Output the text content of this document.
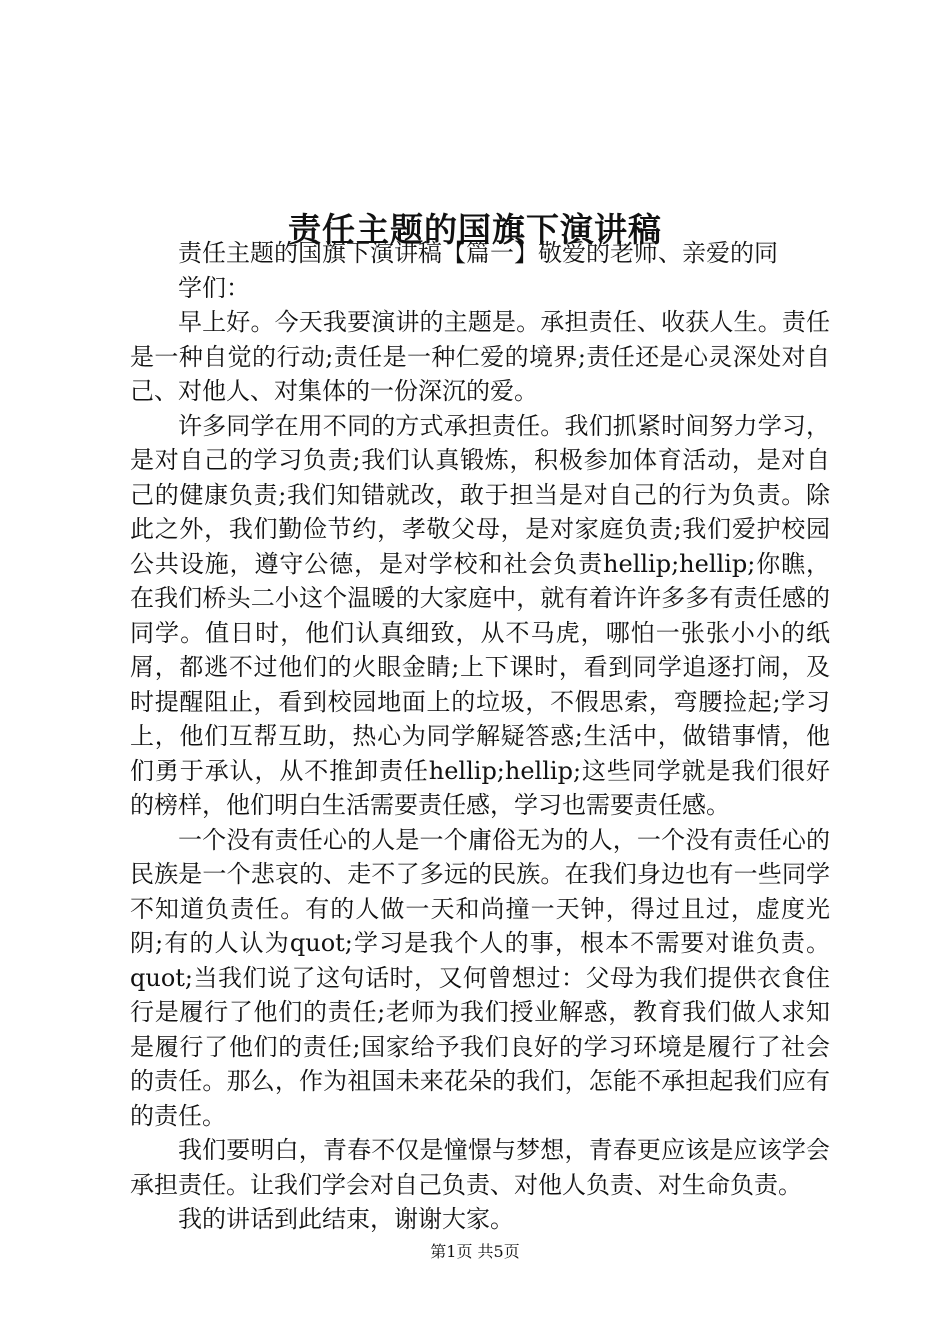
责任主题的国旗下演讲稿

责任主题的国旗下演讲稿【篇一】敬爱的老师、亲爱的同学们：

早上好。今天我要演讲的主题是。承担责任、收获人生。责任是一种自觉的行动;责任是一种仁爱的境界;责任还是心灵深处对自己、对他人、对集体的一份深沉的爱。

许多同学在用不同的方式承担责任。我们抓紧时间努力学习，是对自己的学习负责;我们认真锻炼，积极参加体育活动，是对自己的健康负责;我们知错就改，敢于担当是对自己的行为负责。除此之外，我们勤俭节约，孝敬父母，是对家庭负责;我们爱护校园公共设施，遵守公德，是对学校和社会负责hellip;hellip;你瞧，在我们桥头二小这个温暖的大家庭中，就有着许许多多有责任感的同学。值日时，他们认真细致，从不马虎，哪怕一张张小小的纸屑，都逃不过他们的火眼金睛;上下课时，看到同学追逐打闹，及时提醒阻止，看到校园地面上的垃圾，不假思索，弯腰捡起;学习上，他们互帮互助，热心为同学解疑答惑;生活中，做错事情，他们勇于承认，从不推卸责任hellip;hellip;这些同学就是我们很好的榜样，他们明白生活需要责任感，学习也需要责任感。

一个没有责任心的人是一个庸俗无为的人，一个没有责任心的民族是一个悲哀的、走不了多远的民族。在我们身边也有一些同学不知道负责任。有的人做一天和尚撞一天钟，得过且过，虚度光阴;有的人认为quot;学习是我个人的事，根本不需要对谁负责。quot;当我们说了这句话时，又何曾想过：父母为我们提供衣食住行是履行了他们的责任;老师为我们授业解惑，教育我们做人求知是履行了他们的责任;国家给予我们良好的学习环境是履行了社会的责任。那么，作为祖国未来花朵的我们，怎能不承担起我们应有的责任。

我们要明白，青春不仅是憧憬与梦想，青春更应该是应该学会承担责任。让我们学会对自己负责、对他人负责、对生命负责。

我的讲话到此结束，谢谢大家。

第1页 共5页
